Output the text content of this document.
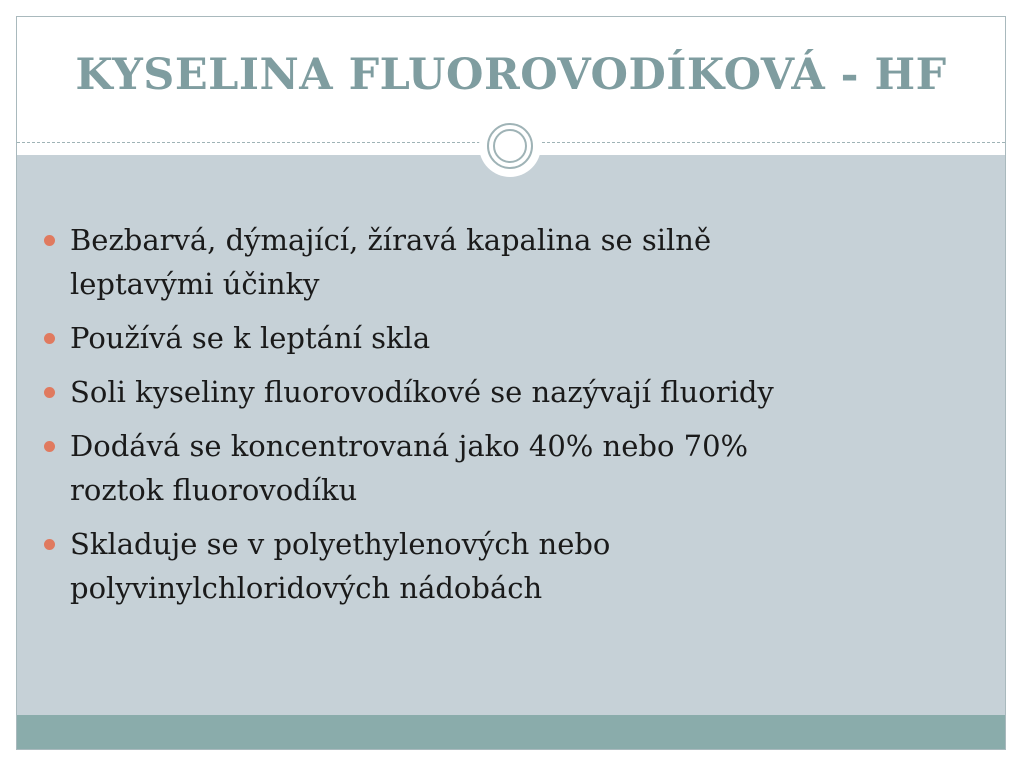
KYSELINA FLUOROVODÍKOVÁ - HF
Bezbarvá, dýmající, žíravá kapalina se silně leptavými účinky
Používá se k leptání skla
Soli kyseliny fluorovodíkové se nazývají fluoridy
Dodává se koncentrovaná jako 40% nebo 70% roztok fluorovodíku
Skladuje se v polyethylenových nebo polyvinylchloridových nádobách
